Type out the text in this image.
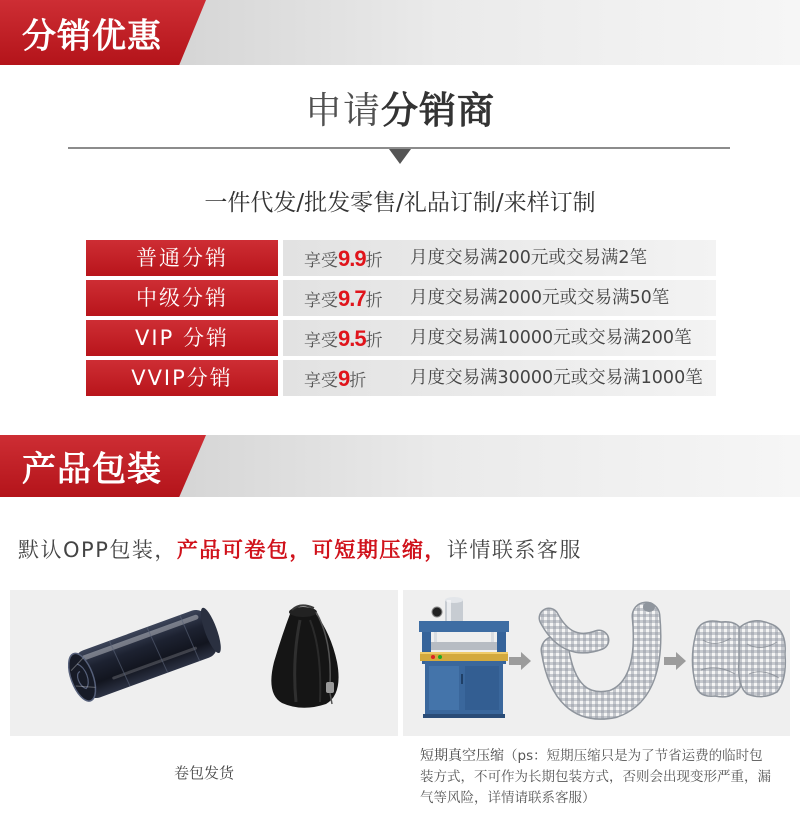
分销优惠
申请分销商
一件代发/批发零售/礼品订制/来样订制
普通分销	享受9.9折 月度交易满200元或交易满2笔
中级分销	享受9.7折 月度交易满2000元或交易满50笔
VIP 分销	享受9.5折 月度交易满10000元或交易满200笔
VVIP分销	享受9折	月度交易满30000元或交易满1000笔
产品包装
默认OPP包装，产品可卷包，可短期压缩，详情联系客服
卷包发货
短期真空压缩（ps：短期压缩只是为了节省运费的临时包装方式，不可作为长期包装方式，否则会出现变形严重，漏气等风险，详情请联系客服）
